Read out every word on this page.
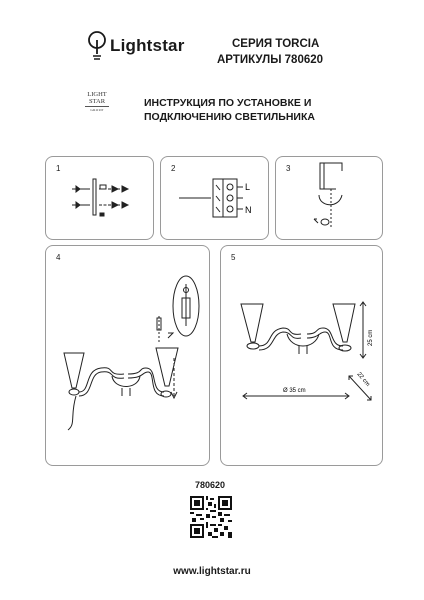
Lightstar	СЕРИЯ TORCIA
АРТИКУЛЫ 780620
LIGHT
STAR
GROUP
ИНСТРУКЦИЯ ПО УСТАНОВКЕ И
ПОДКЛЮЧЕНИЮ СВЕТИЛЬНИКА
1	2
L
N
3
4	5
Ø 35 cm
25 cm
22 cm
780620
www.lightstar.ru
